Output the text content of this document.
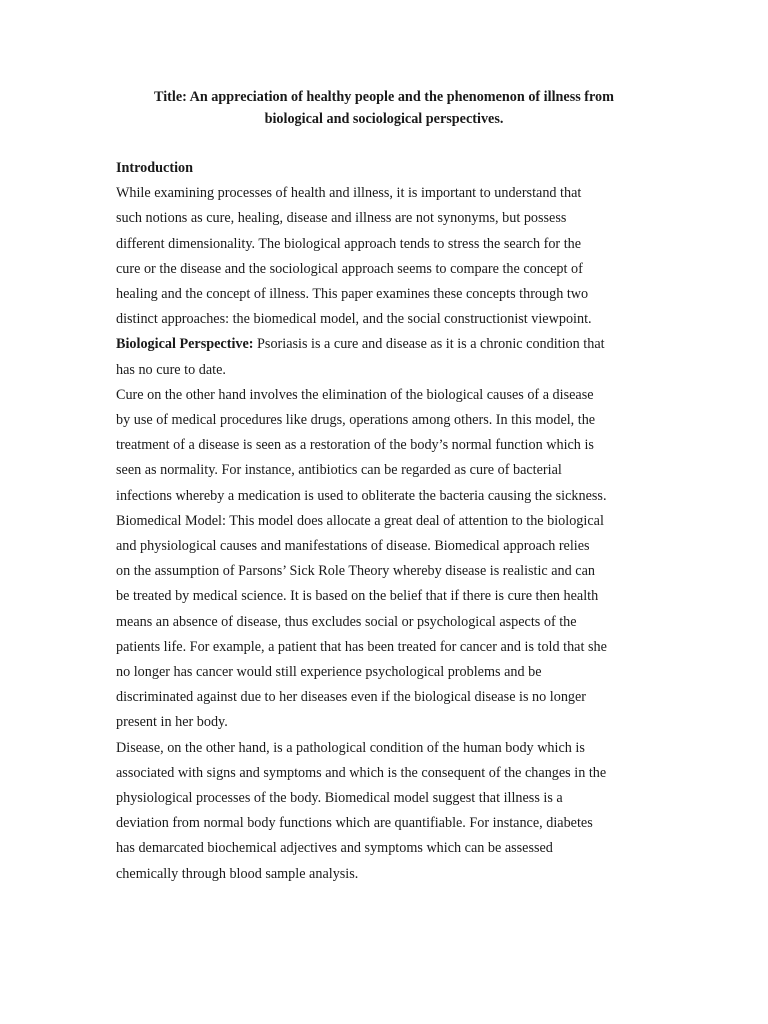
Title: An appreciation of healthy people and the phenomenon of illness from
biological and sociological perspectives.
Introduction
While examining processes of health and illness, it is important to understand that
such notions as cure, healing, disease and illness are not synonyms, but possess
different dimensionality. The biological approach tends to stress the search for the
cure or the disease and the sociological approach seems to compare the concept of
healing and the concept of illness. This paper examines these concepts through two
distinct approaches: the biomedical model, and the social constructionist viewpoint.
Biological Perspective: Psoriasis is a cure and disease as it is a chronic condition that
has no cure to date.
Cure on the other hand involves the elimination of the biological causes of a disease
by use of medical procedures like drugs, operations among others. In this model, the
treatment of a disease is seen as a restoration of the body’s normal function which is
seen as normality. For instance, antibiotics can be regarded as cure of bacterial
infections whereby a medication is used to obliterate the bacteria causing the sickness.
Biomedical Model: This model does allocate a great deal of attention to the biological
and physiological causes and manifestations of disease. Biomedical approach relies
on the assumption of Parsons’ Sick Role Theory whereby disease is realistic and can
be treated by medical science. It is based on the belief that if there is cure then health
means an absence of disease, thus excludes social or psychological aspects of the
patients life. For example, a patient that has been treated for cancer and is told that she
no longer has cancer would still experience psychological problems and be
discriminated against due to her diseases even if the biological disease is no longer
present in her body.
Disease, on the other hand, is a pathological condition of the human body which is
associated with signs and symptoms and which is the consequent of the changes in the
physiological processes of the body. Biomedical model suggest that illness is a
deviation from normal body functions which are quantifiable. For instance, diabetes
has demarcated biochemical adjectives and symptoms which can be assessed
chemically through blood sample analysis.
